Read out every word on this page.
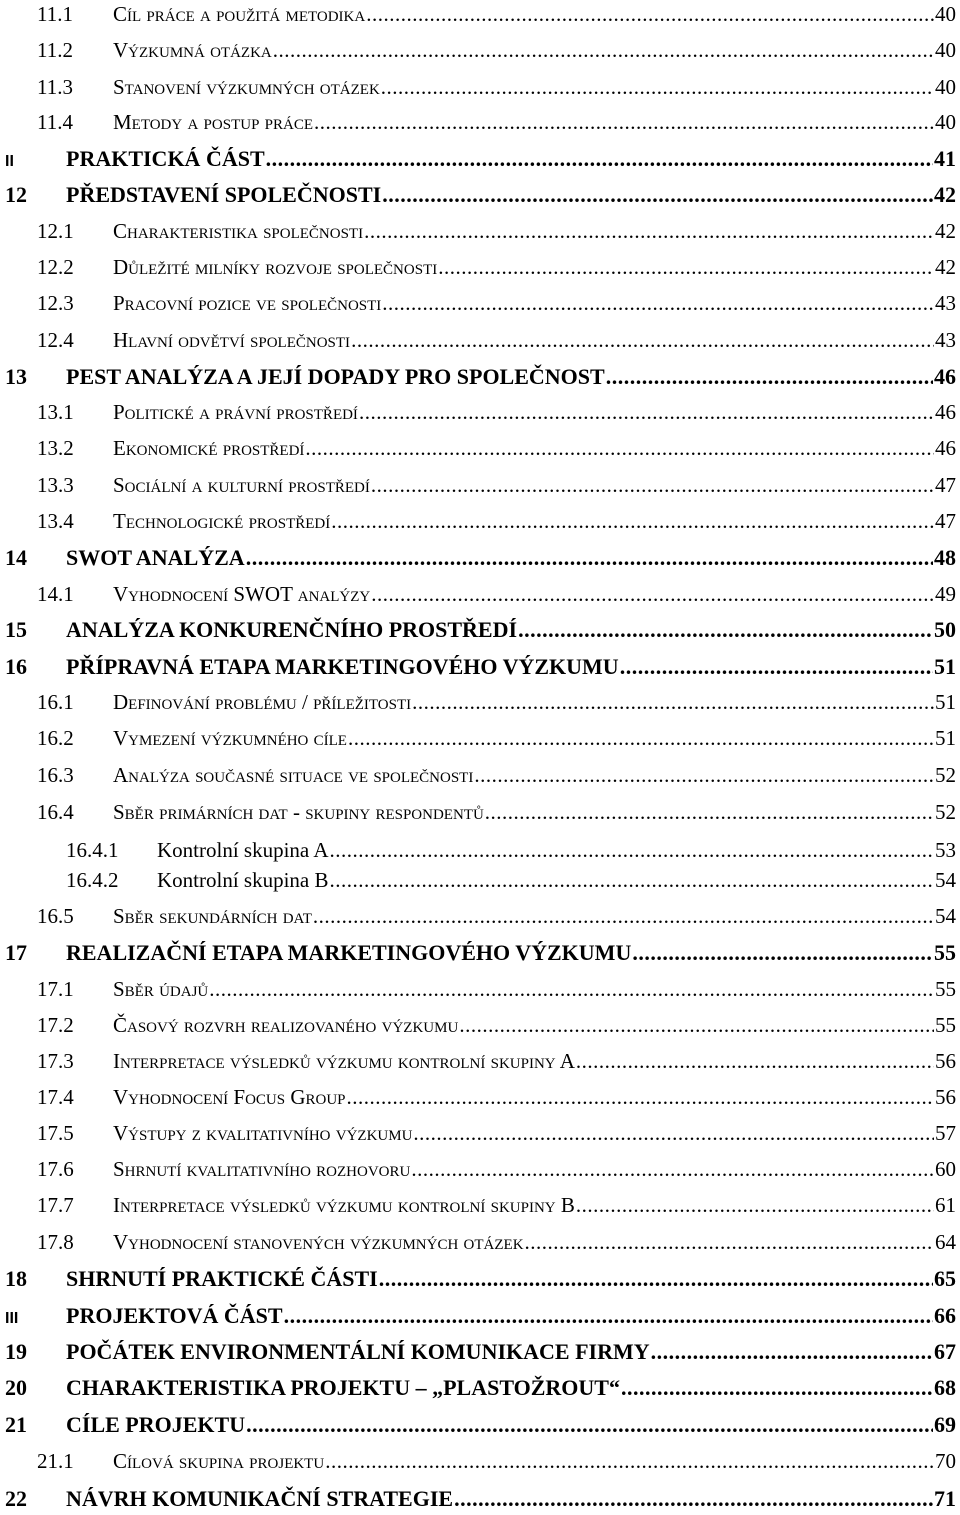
11.1	Cíl práce a použitá metodika .....	40
11.2	Výzkumná otázka .....	40
11.3	Stanovení výzkumných otázek .....	40
11.4	Metody a postup práce .....	40
II	PRAKTICKÁ ČÁST .....	41
12	PŘEDSTAVENÍ SPOLEČNOSTI .....	42
12.1	Charakteristika společnosti .....	42
12.2	Důležité milníky rozvoje společnosti .....	42
12.3	Pracovní pozice ve společnosti .....	43
12.4	Hlavní odvětví společnosti .....	43
13	PEST ANALÝZA A JEJÍ DOPADY PRO SPOLEČNOST .....	46
13.1	Politické a právní prostředí .....	46
13.2	Ekonomické prostředí .....	46
13.3	Sociální a kulturní prostředí .....	47
13.4	Technologické prostředí .....	47
14	SWOT ANALÝZA .....	48
14.1	Vyhodnocení SWOT analýzy .....	49
15	ANALÝZA KONKURENČNÍHO PROSTŘEDÍ .....	50
16	PŘÍPRAVNÁ ETAPA MARKETINGOVÉHO VÝZKUMU .....	51
16.1	Definování problému / příležitosti .....	51
16.2	Vymezení výzkumného cíle .....	51
16.3	Analýza současné situace ve společnosti .....	52
16.4	Sběr primárních dat - skupiny respondentů .....	52
16.4.1	Kontrolní skupina A .....	53
16.4.2	Kontrolní skupina B .....	54
16.5	Sběr sekundárních dat .....	54
17	REALIZAČNÍ ETAPA MARKETINGOVÉHO VÝZKUMU .....	55
17.1	Sběr údajů .....	55
17.2	Časový rozvrh realizovaného výzkumu .....	55
17.3	Interpretace výsledků výzkumu kontrolní skupiny A .....	56
17.4	Vyhodnocení Focus Group .....	56
17.5	Výstupy z kvalitativního výzkumu .....	57
17.6	Shrnutí kvalitativního rozhovoru .....	60
17.7	Interpretace výsledků výzkumu kontrolní skupiny B .....	61
17.8	Vyhodnocení stanovených výzkumných otázek .....	64
18	SHRNUTÍ PRAKTICKÉ ČÁSTI .....	65
III	PROJEKTOVÁ ČÁST .....	66
19	POČÁTEK ENVIRONMENTÁLNÍ KOMUNIKACE FIRMY .....	67
20	CHARAKTERISTIKA PROJEKTU – „PLASTOŽROUT“ .....	68
21	CÍLE PROJEKTU .....	69
21.1	Cílová skupina projektu .....	70
22	NÁVRH KOMUNIKAČNÍ STRATEGIE .....	71
